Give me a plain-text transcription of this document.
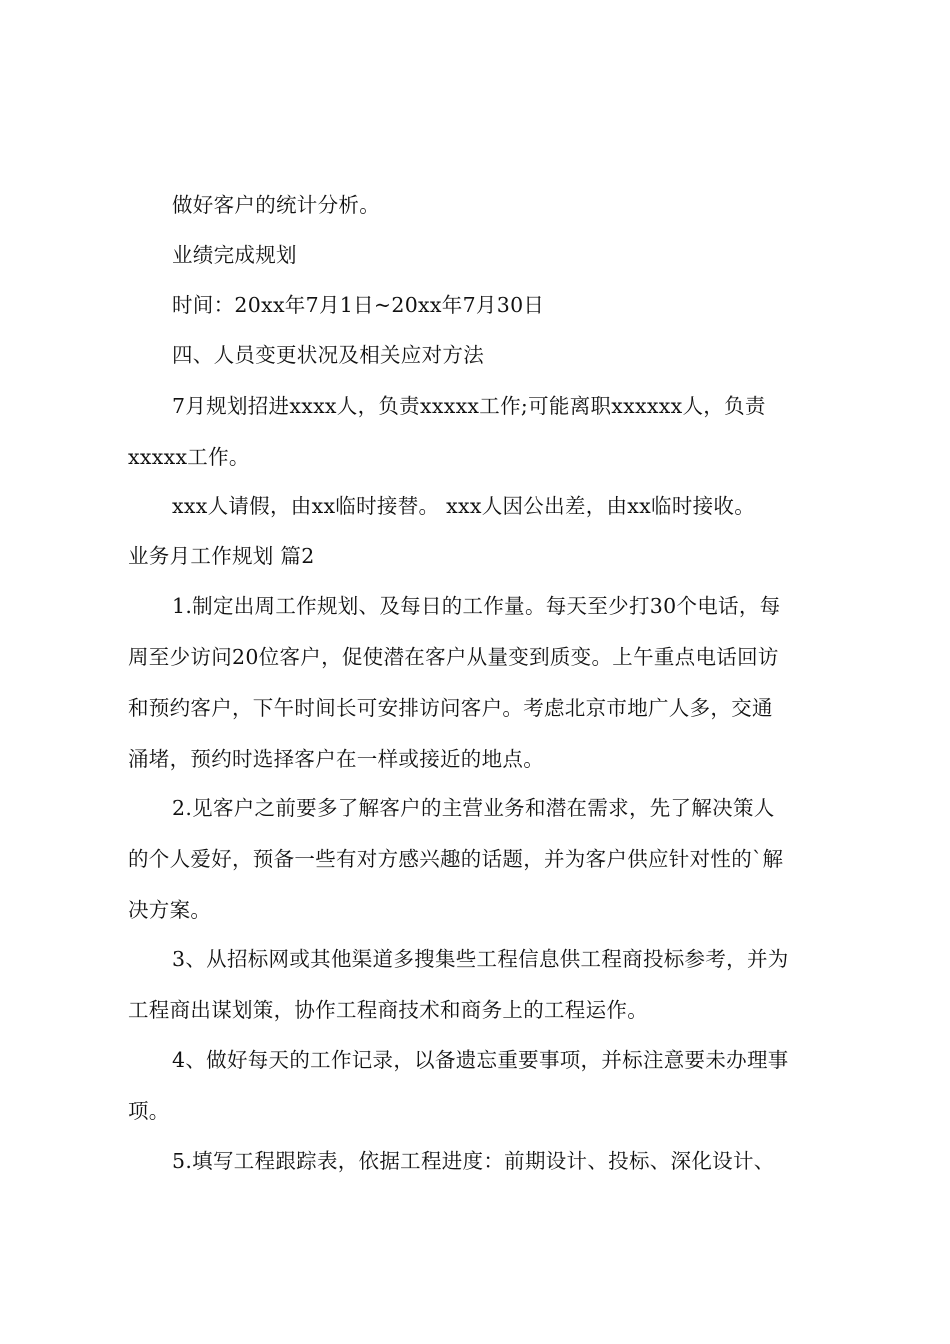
做好客户的统计分析。

业绩完成规划

时间：20xx年7月1日~20xx年7月30日

四、人员变更状况及相关应对方法

7月规划招进xxxx人，负责xxxxx工作;可能离职xxxxxx人，负责
xxxxx工作。

xxx人请假，由xx临时接替。 xxx人因公出差，由xx临时接收。

业务月工作规划 篇2

1.制定出周工作规划、及每日的工作量。每天至少打30个电话，每
周至少访问20位客户，促使潜在客户从量变到质变。上午重点电话回访
和预约客户，下午时间长可安排访问客户。考虑北京市地广人多，交通
涌堵，预约时选择客户在一样或接近的地点。

2.见客户之前要多了解客户的主营业务和潜在需求，先了解决策人
的个人爱好，预备一些有对方感兴趣的话题，并为客户供应针对性的`解
决方案。

3、从招标网或其他渠道多搜集些工程信息供工程商投标参考，并为
工程商出谋划策，协作工程商技术和商务上的工程运作。

4、做好每天的工作记录，以备遗忘重要事项，并标注意要未办理事
项。

5.填写工程跟踪表，依据工程进度：前期设计、投标、深化设计、
